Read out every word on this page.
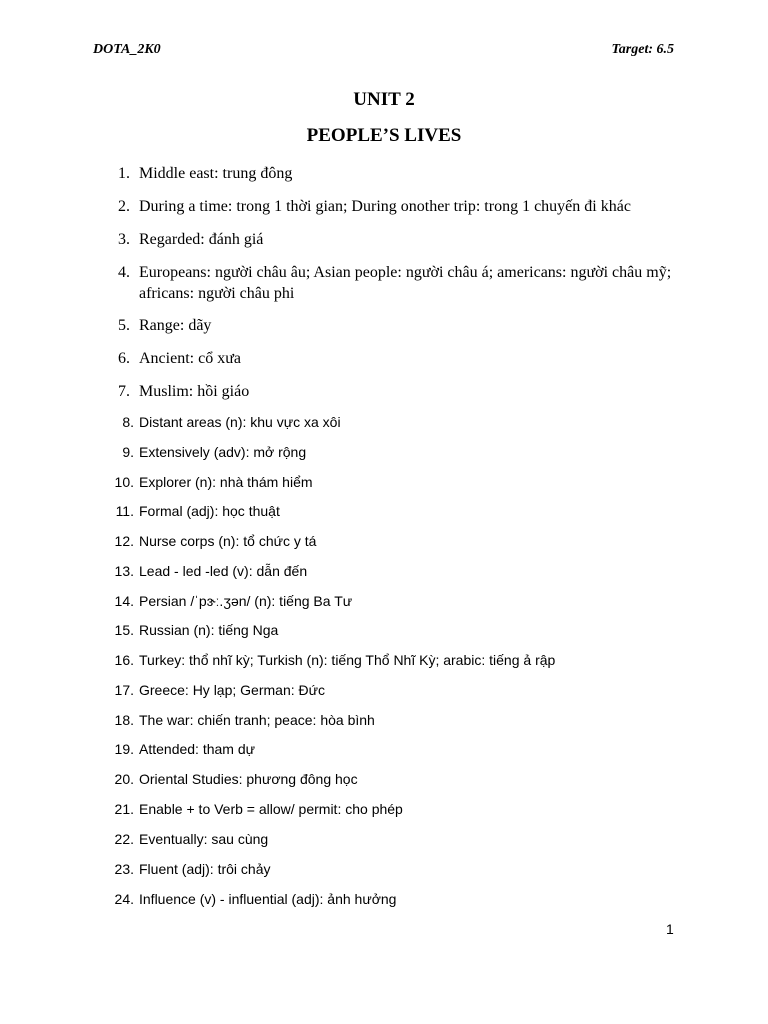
DOTA_2K0	Target: 6.5
UNIT 2
PEOPLE’S LIVES
1. Middle east: trung đông
2. During a time: trong 1 thời gian; During onother trip: trong 1 chuyến đi khác
3. Regarded: đánh giá
4. Europeans: người châu âu; Asian people: người châu á; americans: người châu mỹ; africans: người châu phi
5. Range: dãy
6. Ancient: cổ xưa
7. Muslim: hồi giáo
8. Distant areas (n): khu vực xa xôi
9. Extensively (adv): mở rộng
10. Explorer (n): nhà thám hiểm
11. Formal (adj): học thuật
12. Nurse corps (n): tổ chức y tá
13. Lead - led -led (v): dẫn đến
14. Persian /ˈpɝː.ʒən/ (n): tiếng Ba Tư
15. Russian (n): tiếng Nga
16. Turkey: thổ nhĩ kỳ; Turkish (n): tiếng Thổ Nhĩ Kỳ; arabic: tiếng ả rập
17. Greece: Hy lạp; German: Đức
18. The war: chiến tranh; peace: hòa bình
19. Attended: tham dự
20. Oriental Studies: phương đông học
21. Enable + to Verb = allow/ permit: cho phép
22. Eventually: sau cùng
23. Fluent (adj): trôi chảy
24. Influence (v) - influential (adj): ảnh hưởng
1
